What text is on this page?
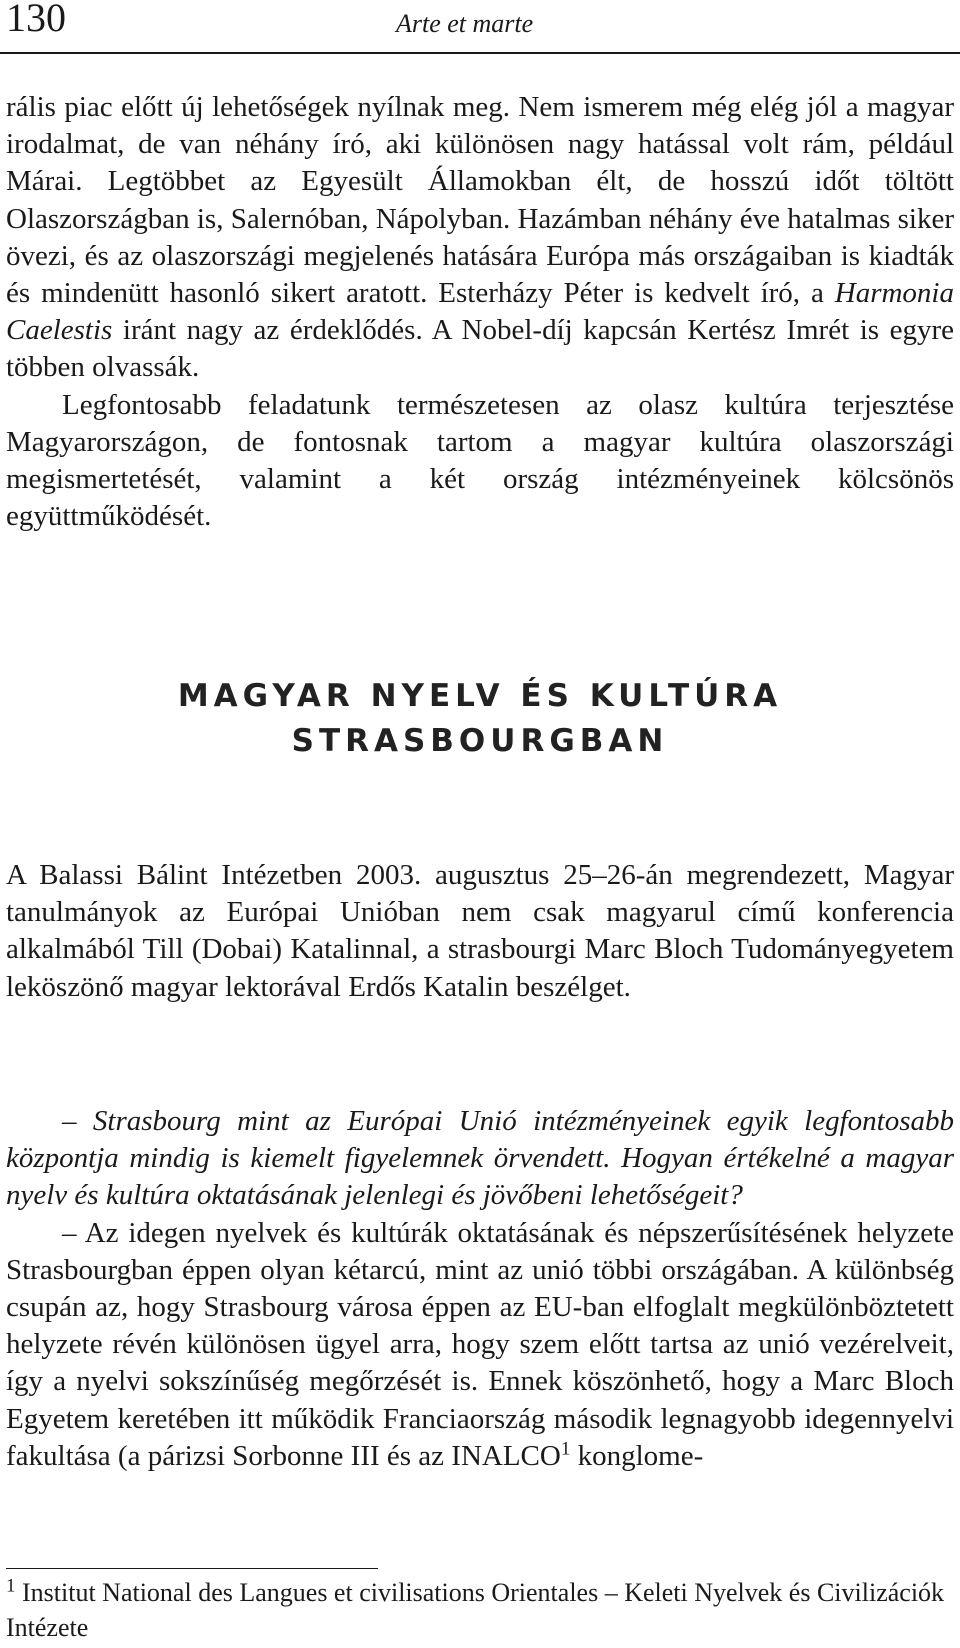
130	Arte et marte

rális piac előtt új lehetőségek nyílnak meg. Nem ismerem még elég jól a magyar irodalmat, de van néhány író, aki különösen nagy hatással volt rám, például Márai. Legtöbbet az Egyesült Államokban élt, de hosszú időt töltött Olaszországban is, Salernóban, Nápolyban. Hazámban néhány éve hatalmas siker övezi, és az olaszországi megjelenés hatására Európa más országaiban is kiadták és mindenütt hasonló sikert aratott. Esterházy Péter is kedvelt író, a Harmonia Caelestis iránt nagy az érdeklődés. A Nobel-díj kapcsán Kertész Imrét is egyre többen olvassák.

Legfontosabb feladatunk természetesen az olasz kultúra terjesztése Magyarországon, de fontosnak tartom a magyar kultúra olaszországi megismertetését, valamint a két ország intézményeinek kölcsönös együttműködését.

MAGYAR NYELV ÉS KULTÚRA
STRASBOURGBAN

A Balassi Bálint Intézetben 2003. augusztus 25–26-án megrendezett, Magyar tanulmányok az Európai Unióban nem csak magyarul című konferencia alkalmából Till (Dobai) Katalinnal, a strasbourgi Marc Bloch Tudományegyetem leköszönő magyar lektorával Erdős Katalin beszélget.

– Strasbourg mint az Európai Unió intézményeinek egyik legfontosabb központja mindig is kiemelt figyelemnek örvendett. Hogyan értékelné a magyar nyelv és kultúra oktatásának jelenlegi és jövőbeni lehetőségeit?

– Az idegen nyelvek és kultúrák oktatásának és népszerűsítésének helyzete Strasbourgban éppen olyan kétarcú, mint az unió többi országában. A különbség csupán az, hogy Strasbourg városa éppen az EU-ban elfoglalt megkülönböztetett helyzete révén különösen ügyel arra, hogy szem előtt tartsa az unió vezérelveit, így a nyelvi sokszínűség megőrzését is. Ennek köszönhető, hogy a Marc Bloch Egyetem keretében itt működik Franciaország második legnagyobb idegennyelvi fakultása (a párizsi Sorbonne III és az INALCO$^1$ konglome-

$^1$ Institut National des Langues et civilisations Orientales – Keleti Nyelvek és Civilizációk Intézete
